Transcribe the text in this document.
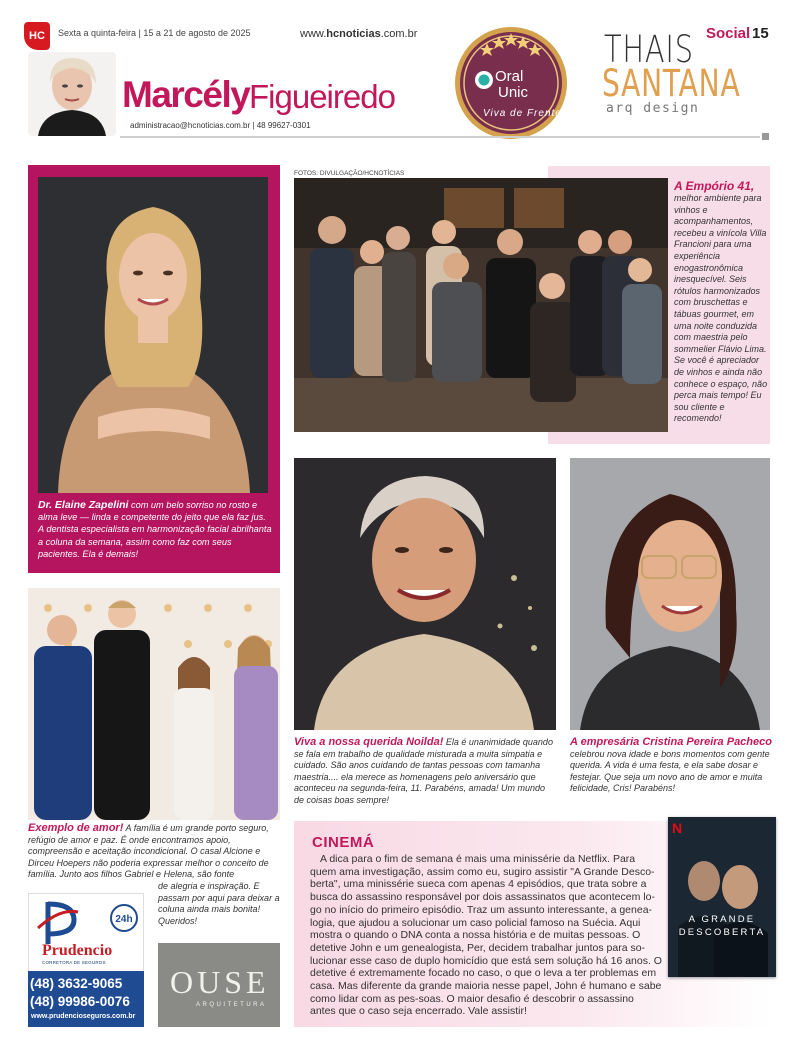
HC	Sexta a quinta-feira | 15 a 21 de agosto de 2025	www.hcnoticias.com.br	Social 15
Marcély Figueiredo
administracao@hcnoticias.com.br | 48 99627-0301
Oral
Unic
Viva de Frente
THAIS
SANTANA
arq design
Dr. Elaine Zapelini com um belo sorriso no rosto e alma leve — linda e competente do jeito que ela faz jus. A dentista especialista em harmonização facial abrilhanta a coluna da semana, assim como faz com seus pacientes. Ela é demais!
FOTOS: DIVULGAÇÃO/HCNOTÍCIAS
A Empório 41,
melhor ambiente para vinhos e acompanhamentos, recebeu a vinícola Villa Francioni para uma experiência enogastronômica inesquecível. Seis rótulos harmonizados com bruschettas e tábuas gourmet, em uma noite conduzida com maestria pelo sommelier Flávio Lima. Se você é apreciador de vinhos e ainda não conhece o espaço, não perca mais tempo! Eu sou cliente e recomendo!
Viva a nossa querida Noilda! Ela é unanimidade quando se fala em trabalho de qualidade misturada a muita simpatia e cuidado. São anos cuidando de tantas pessoas com tamanha maestria.... ela merece as homenagens pelo aniversário que aconteceu na segunda-feira, 11. Parabéns, amada! Um mundo de coisas boas sempre!
A empresária Cristina Pereira Pacheco celebrou nova idade e bons momentos com gente querida. A vida é uma festa, e ela sabe dosar e festejar. Que seja um novo ano de amor e muita felicidade, Cris! Parabéns!
Exemplo de amor! A família é um grande porto seguro, refúgio de amor e paz. É onde encontramos apoio, compreensão e aceitação incondicional. O casal Alcione e Dirceu Hoepers não poderia expressar melhor o conceito de família. Junto aos filhos Gabriel e Helena, são fonte
de alegria e inspiração. E passam por aqui para deixar a coluna ainda mais bonita! Queridos!
CINEMÁ
A dica para o fim de semana é mais uma minissérie da Netflix. Para quem ama investigação, assim como eu, sugiro assistir "A Grande Desco-berta", uma minissérie sueca com apenas 4 episódios, que trata sobre a busca do assassino responsável por dois assassinatos que acontecem lo-go no início do primeiro episódio. Traz um assunto interessante, a genea-logia, que ajudou a solucionar um caso policial famoso na Suécia. Aqui mostra o quando o DNA conta a nossa história e de muitas pessoas. O detetive John e um genealogista, Per, decidem trabalhar juntos para so-lucionar esse caso de duplo homicídio que está sem solução há 16 anos. O detetive é extremamente focado no caso, o que o leva a ter problemas em casa. Mas diferente da grande maioria nesse papel, John é humano e sabe como lidar com as pes-soas. O maior desafio é descobrir o assassino antes que o caso seja encerrado. Vale assistir!
N
A GRANDE
DESCOBERTA
24h
Prudencio
CORRETORA DE SEGUROS
(48) 3632-9065
(48) 99986-0076
www.prudencioseguros.com.br
OUSE
ARQUITETURA
